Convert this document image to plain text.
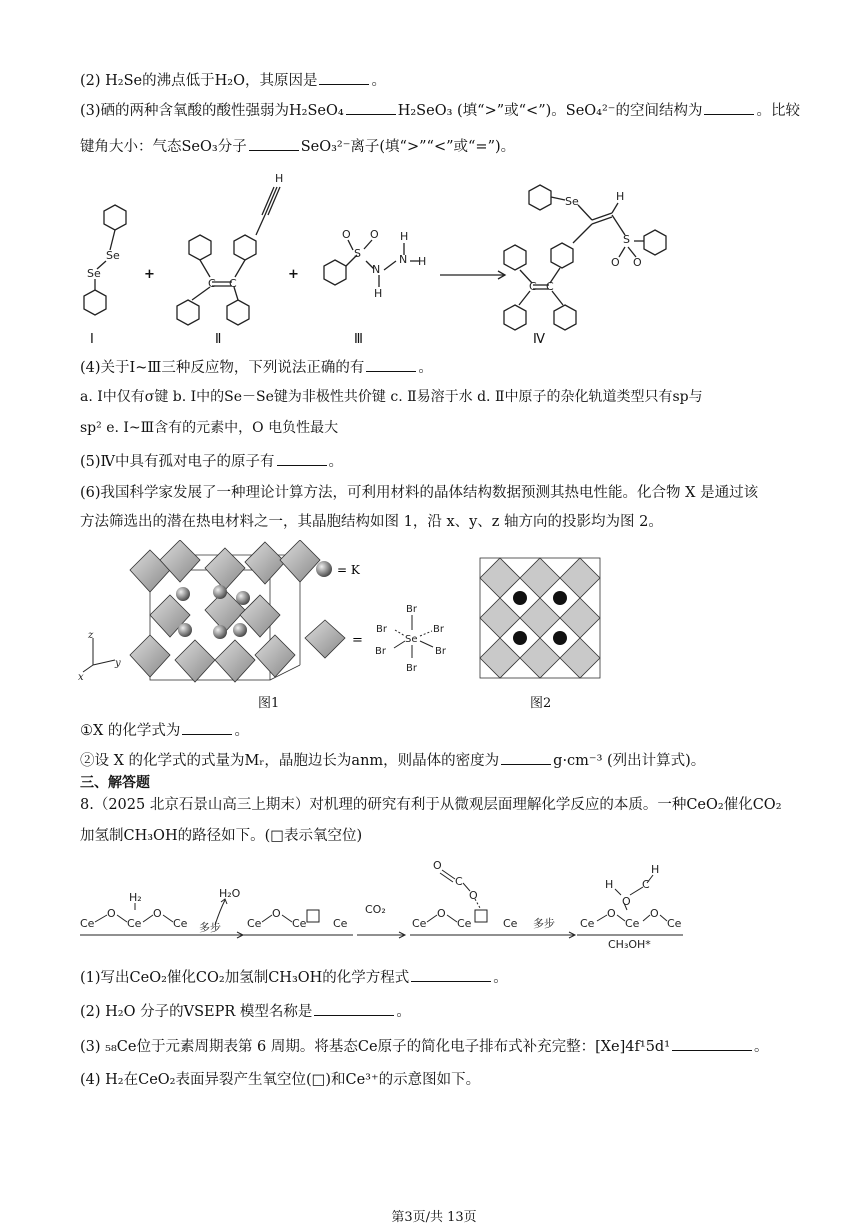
(2) H₂Se的沸点低于H₂O，其原因是	。
(3)硒的两种含氧酸的酸性强弱为H₂SeO₄	H₂SeO₃ (填“>”或“<”)。SeO₄²⁻的空间结构为	。比较
键角大小：气态SeO₃分子	SeO₃²⁻离子(填“>”“<”或“=”)。
Se
Se
C C
H
S
O O
N
N
H
H
H
Se	H
S
O O
C C
+	+
Ⅰ	Ⅱ	Ⅲ	Ⅳ
(4)关于Ⅰ~Ⅲ三种反应物，下列说法正确的有	。
a. Ⅰ中仅有σ键 b. Ⅰ中的Se－Se键为非极性共价键 c. Ⅱ易溶于水 d. Ⅱ中原子的杂化轨道类型只有sp与
sp² e. Ⅰ~Ⅲ含有的元素中，O 电负性最大
(5)Ⅳ中具有孤对电子的原子有	。
(6)我国科学家发展了一种理论计算方法，可利用材料的晶体结构数据预测其热电性能。化合物 X 是通过该
方法筛选出的潜在热电材料之一，其晶胞结构如图 1，沿 x、y、z 轴方向的投影均为图 2。
z
y
x
= K
=
Br
Se
Br	Br
Br	Br
Br
图1	图2
①X 的化学式为	。
②设 X 的化学式的式量为Mᵣ，晶胞边长为anm，则晶体的密度为	g·cm⁻³ (列出计算式)。
三、解答题
8.（2025 北京石景山高三上期末）对机理的研究有利于从微观层面理解化学反应的本质。一种CeO₂催化CO₂
加氢制CH₃OH的路径如下。(□表示氧空位)
Ce
O
Ce
O
Ce
H₂
多步
H₂O
Ce
O
Ce Ce
CO₂
Ce
O
Ce	Ce
O
C
O
多步 Ce
O
Ce
O
Ce
H
O
C
H
CH₃OH*
(1)写出CeO₂催化CO₂加氢制CH₃OH的化学方程式	。
(2) H₂O 分子的VSEPR 模型名称是	。
(3) ₅₈Ce位于元素周期表第 6 周期。将基态Ce原子的简化电子排布式补充完整：[Xe]4f¹5d¹	。
(4) H₂在CeO₂表面异裂产生氧空位(□)和Ce³⁺的示意图如下。
第3页/共 13页
